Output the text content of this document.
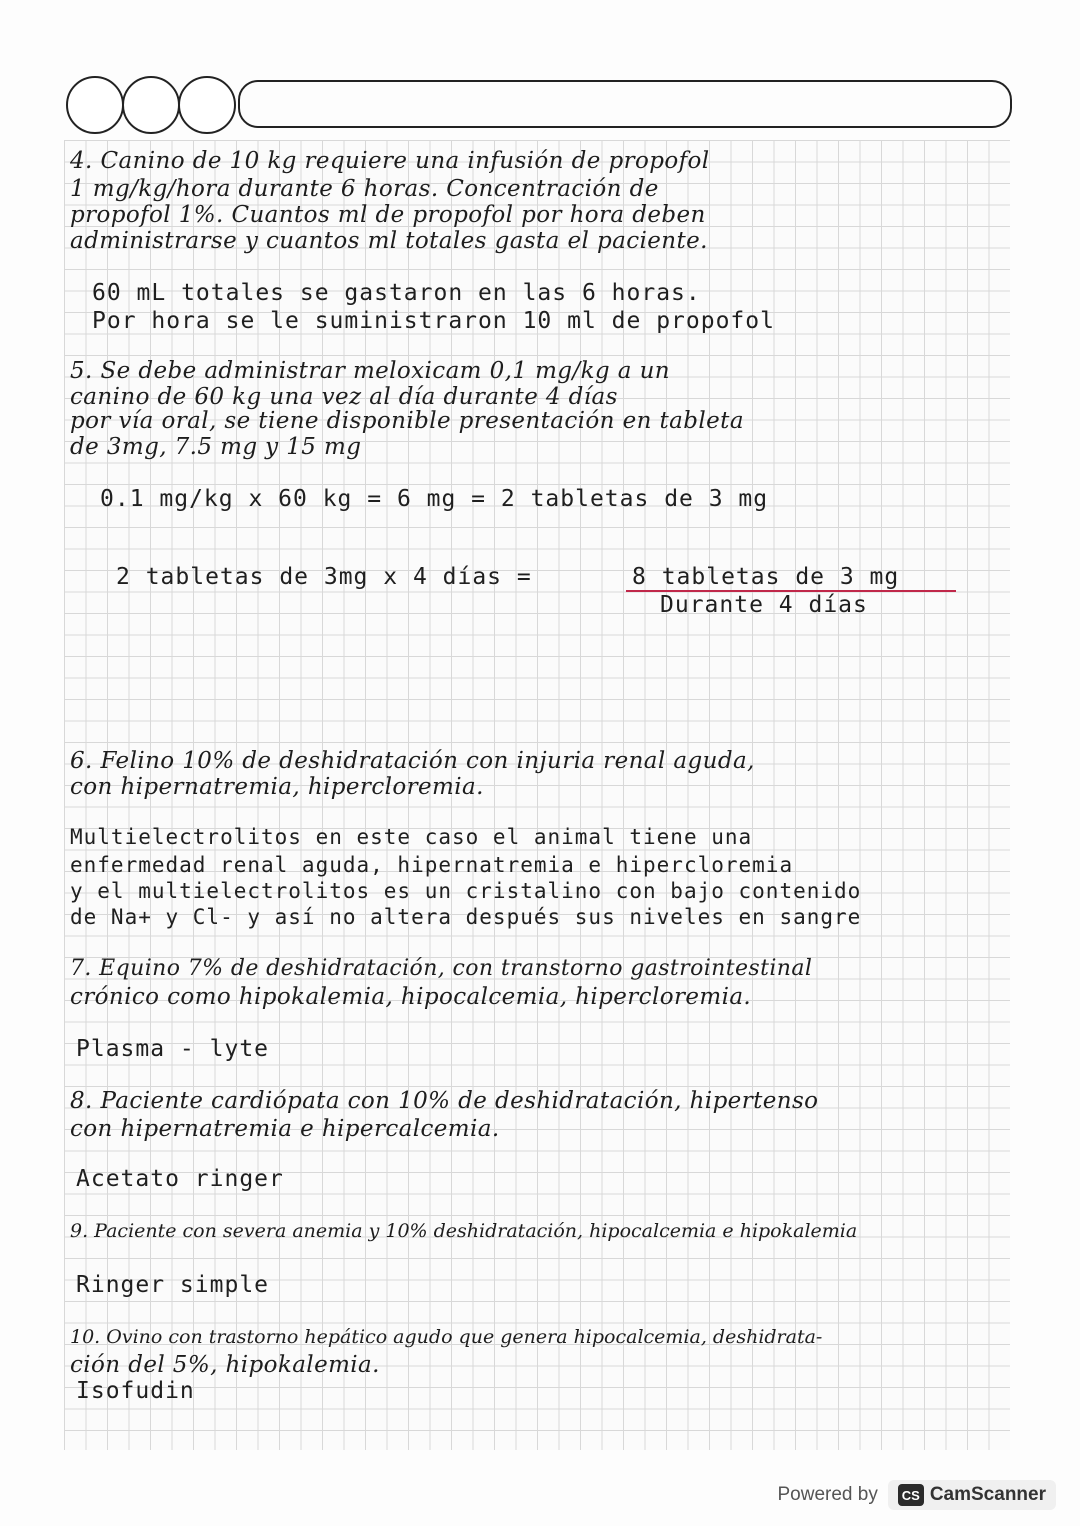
4. Canino de 10 kg requiere una infusión de propofol
1 mg/kg/hora durante 6 horas. Concentración de
propofol 1%. Cuantos ml de propofol por hora deben
administrarse y cuantos ml totales gasta el paciente.
60 mL totales se gastaron en las 6 horas.
Por hora se le suministraron 10 ml de propofol
5. Se debe administrar meloxicam 0,1 mg/kg a un
canino de 60 kg una vez al día durante 4 días
por vía oral, se tiene disponible presentación en tableta
de 3mg, 7.5 mg y 15 mg
0.1 mg/kg x 60 kg = 6 mg = 2 tabletas de 3 mg
2 tabletas de 3mg x 4 días =	8 tabletas de 3 mg
Durante 4 días
6. Felino 10% de deshidratación con injuria renal aguda,
con hipernatremia, hipercloremia.
Multielectrolitos en este caso el animal tiene una
enfermedad renal aguda, hipernatremia e hipercloremia
y el multielectrolitos es un cristalino con bajo contenido
de Na+ y Cl- y así no altera después sus niveles en sangre
7. Equino 7% de deshidratación, con transtorno gastrointestinal
crónico como hipokalemia, hipocalcemia, hipercloremia.
Plasma - lyte
8. Paciente cardiópata con 10% de deshidratación, hipertenso
con hipernatremia e hipercalcemia.
Acetato ringer
9. Paciente con severa anemia y 10% deshidratación, hipocalcemia e hipokalemia
Ringer simple
10. Ovino con trastorno hepático agudo que genera hipocalcemia, deshidrata-
ción del 5%, hipokalemia.
Isofudin
Powered by	CS CamScanner
